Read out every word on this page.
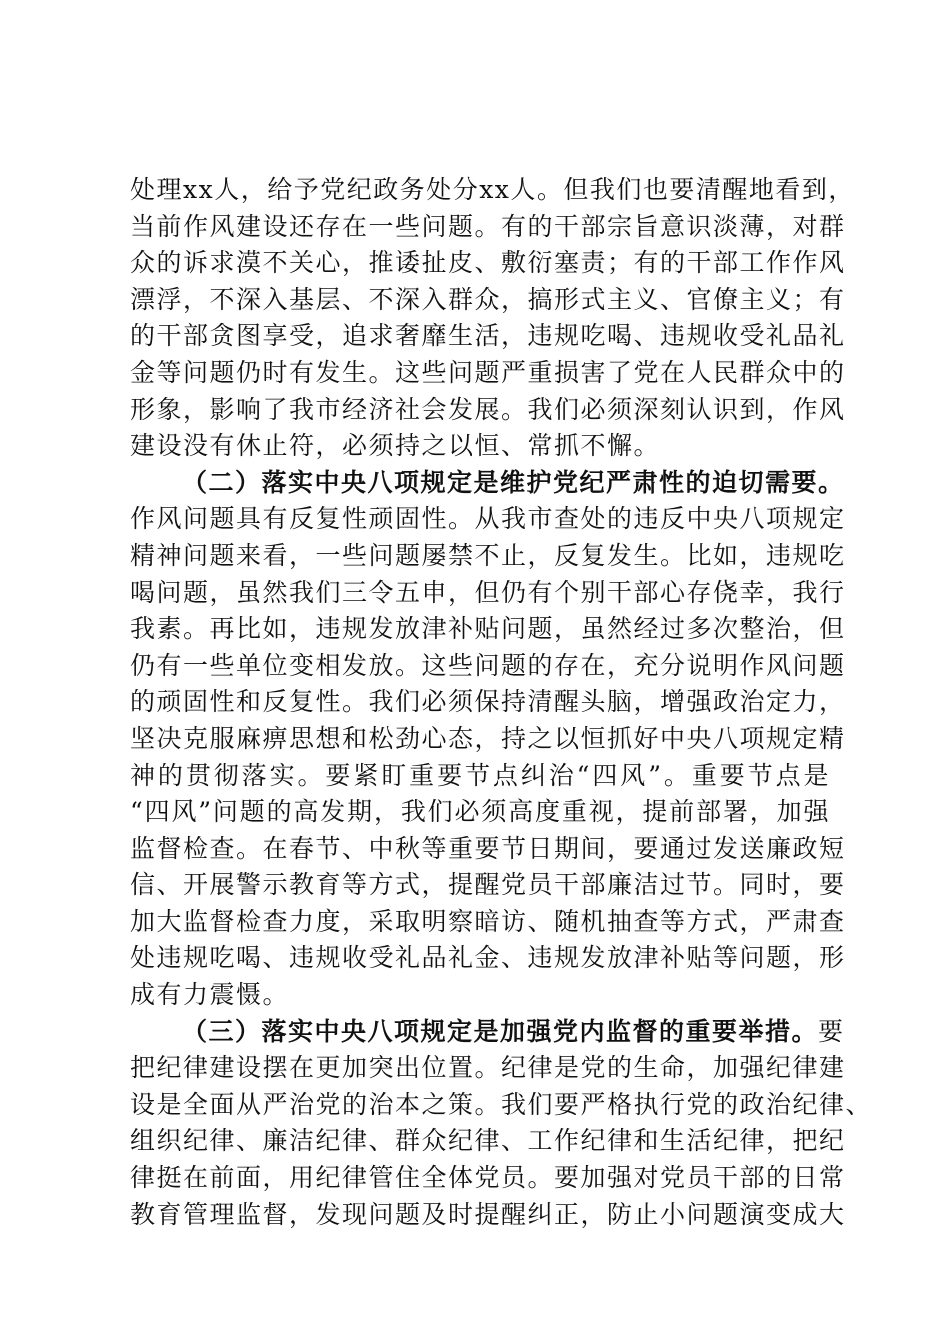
处理xx人，给予党纪政务处分xx人。但我们也要清醒地看到，
当前作风建设还存在一些问题。有的干部宗旨意识淡薄，对群
众的诉求漠不关心，推诿扯皮、敷衍塞责；有的干部工作作风
漂浮，不深入基层、不深入群众，搞形式主义、官僚主义；有
的干部贪图享受，追求奢靡生活，违规吃喝、违规收受礼品礼
金等问题仍时有发生。这些问题严重损害了党在人民群众中的
形象，影响了我市经济社会发展。我们必须深刻认识到，作风
建设没有休止符，必须持之以恒、常抓不懈。
（二）落实中央八项规定是维护党纪严肃性的迫切需要。
作风问题具有反复性顽固性。从我市查处的违反中央八项规定
精神问题来看，一些问题屡禁不止，反复发生。比如，违规吃
喝问题，虽然我们三令五申，但仍有个别干部心存侥幸，我行
我素。再比如，违规发放津补贴问题，虽然经过多次整治，但
仍有一些单位变相发放。这些问题的存在，充分说明作风问题
的顽固性和反复性。我们必须保持清醒头脑，增强政治定力，
坚决克服麻痹思想和松劲心态，持之以恒抓好中央八项规定精
神的贯彻落实。要紧盯重要节点纠治“四风”。重要节点是
“四风”问题的高发期，我们必须高度重视，提前部署，加强
监督检查。在春节、中秋等重要节日期间，要通过发送廉政短
信、开展警示教育等方式，提醒党员干部廉洁过节。同时，要
加大监督检查力度，采取明察暗访、随机抽查等方式，严肃查
处违规吃喝、违规收受礼品礼金、违规发放津补贴等问题，形
成有力震慑。
（三）落实中央八项规定是加强党内监督的重要举措。要
把纪律建设摆在更加突出位置。纪律是党的生命，加强纪律建
设是全面从严治党的治本之策。我们要严格执行党的政治纪律、
组织纪律、廉洁纪律、群众纪律、工作纪律和生活纪律，把纪
律挺在前面，用纪律管住全体党员。要加强对党员干部的日常
教育管理监督，发现问题及时提醒纠正，防止小问题演变成大
